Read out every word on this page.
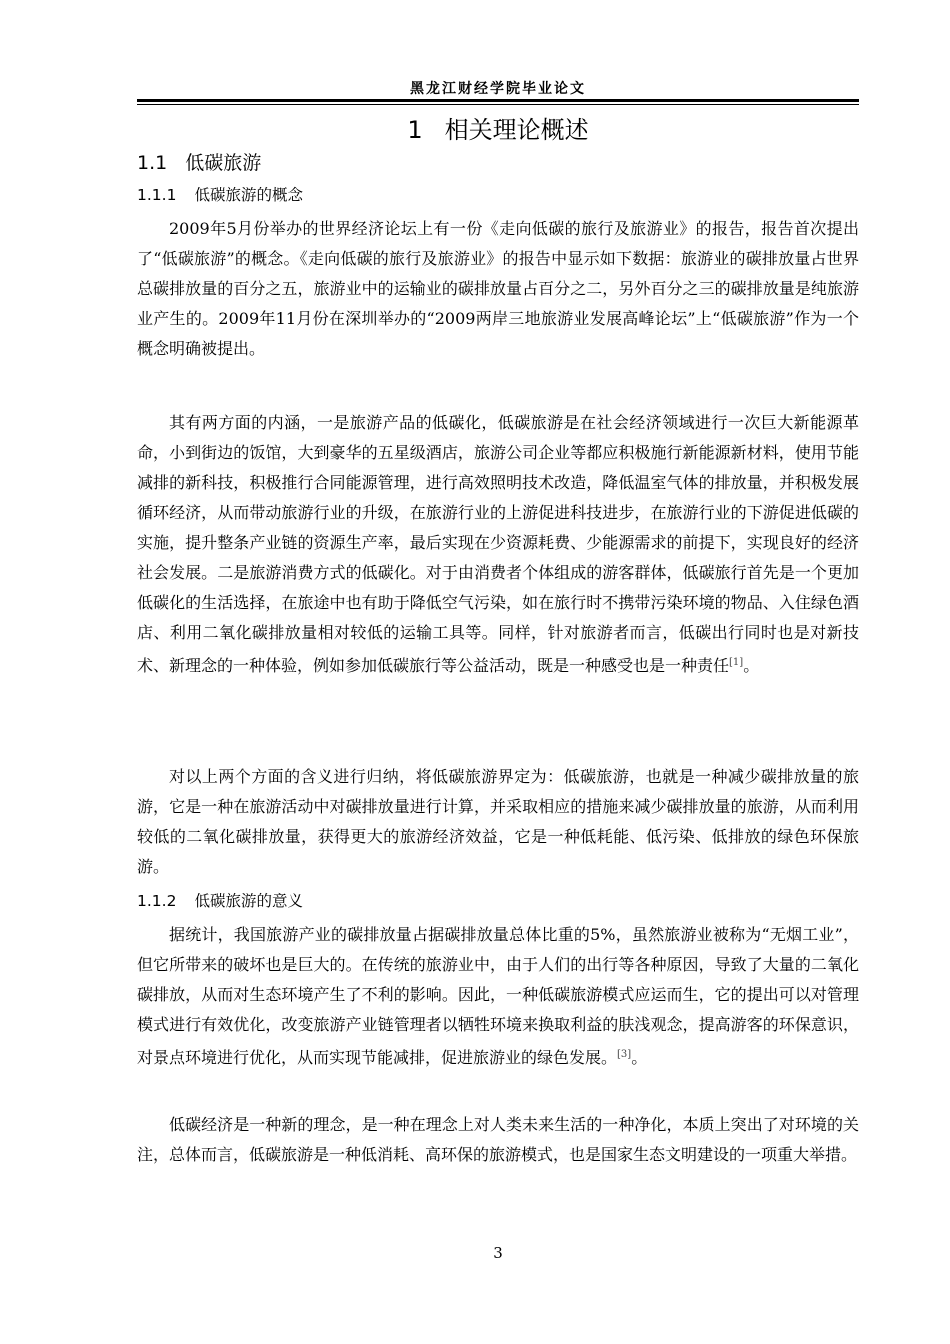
黑龙江财经学院毕业论文
1 相关理论概述
1.1 低碳旅游
1.1.1 低碳旅游的概念

2009年5月份举办的世界经济论坛上有一份《走向低碳的旅行及旅游业》的报告，报告首次提出了“低碳旅游”的概念。《走向低碳的旅行及旅游业》的报告中显示如下数据：旅游业的碳排放量占世界总碳排放量的百分之五，旅游业中的运输业的碳排放量占百分之二，另外百分之三的碳排放量是纯旅游业产生的。2009年11月份在深圳举办的“2009两岸三地旅游业发展高峰论坛”上“低碳旅游”作为一个概念明确被提出。

其有两方面的内涵，一是旅游产品的低碳化，低碳旅游是在社会经济领域进行一次巨大新能源革命，小到街边的饭馆，大到豪华的五星级酒店，旅游公司企业等都应积极施行新能源新材料，使用节能减排的新科技，积极推行合同能源管理，进行高效照明技术改造，降低温室气体的排放量，并积极发展循环经济，从而带动旅游行业的升级，在旅游行业的上游促进科技进步，在旅游行业的下游促进低碳的实施，提升整条产业链的资源生产率，最后实现在少资源耗费、少能源需求的前提下，实现良好的经济社会发展。二是旅游消费方式的低碳化。对于由消费者个体组成的游客群体，低碳旅行首先是一个更加低碳化的生活选择，在旅途中也有助于降低空气污染，如在旅行时不携带污染环境的物品、入住绿色酒店、利用二氧化碳排放量相对较低的运输工具等。同样，针对旅游者而言，低碳出行同时也是对新技术、新理念的一种体验，例如参加低碳旅行等公益活动，既是一种感受也是一种责任[1]。

对以上两个方面的含义进行归纳，将低碳旅游界定为：低碳旅游，也就是一种减少碳排放量的旅游，它是一种在旅游活动中对碳排放量进行计算，并采取相应的措施来减少碳排放量的旅游，从而利用较低的二氧化碳排放量，获得更大的旅游经济效益，它是一种低耗能、低污染、低排放的绿色环保旅游。

1.1.2 低碳旅游的意义

据统计，我国旅游产业的碳排放量占据碳排放量总体比重的5%，虽然旅游业被称为“无烟工业”，但它所带来的破坏也是巨大的。在传统的旅游业中，由于人们的出行等各种原因，导致了大量的二氧化碳排放，从而对生态环境产生了不利的影响。因此，一种低碳旅游模式应运而生，它的提出可以对管理模式进行有效优化，改变旅游产业链管理者以牺牲环境来换取利益的肤浅观念，提高游客的环保意识，对景点环境进行优化，从而实现节能减排，促进旅游业的绿色发展。[3]。

低碳经济是一种新的理念，是一种在理念上对人类未来生活的一种净化，本质上突出了对环境的关注，总体而言，低碳旅游是一种低消耗、高环保的旅游模式，也是国家生态文明建设的一项重大举措。

3
